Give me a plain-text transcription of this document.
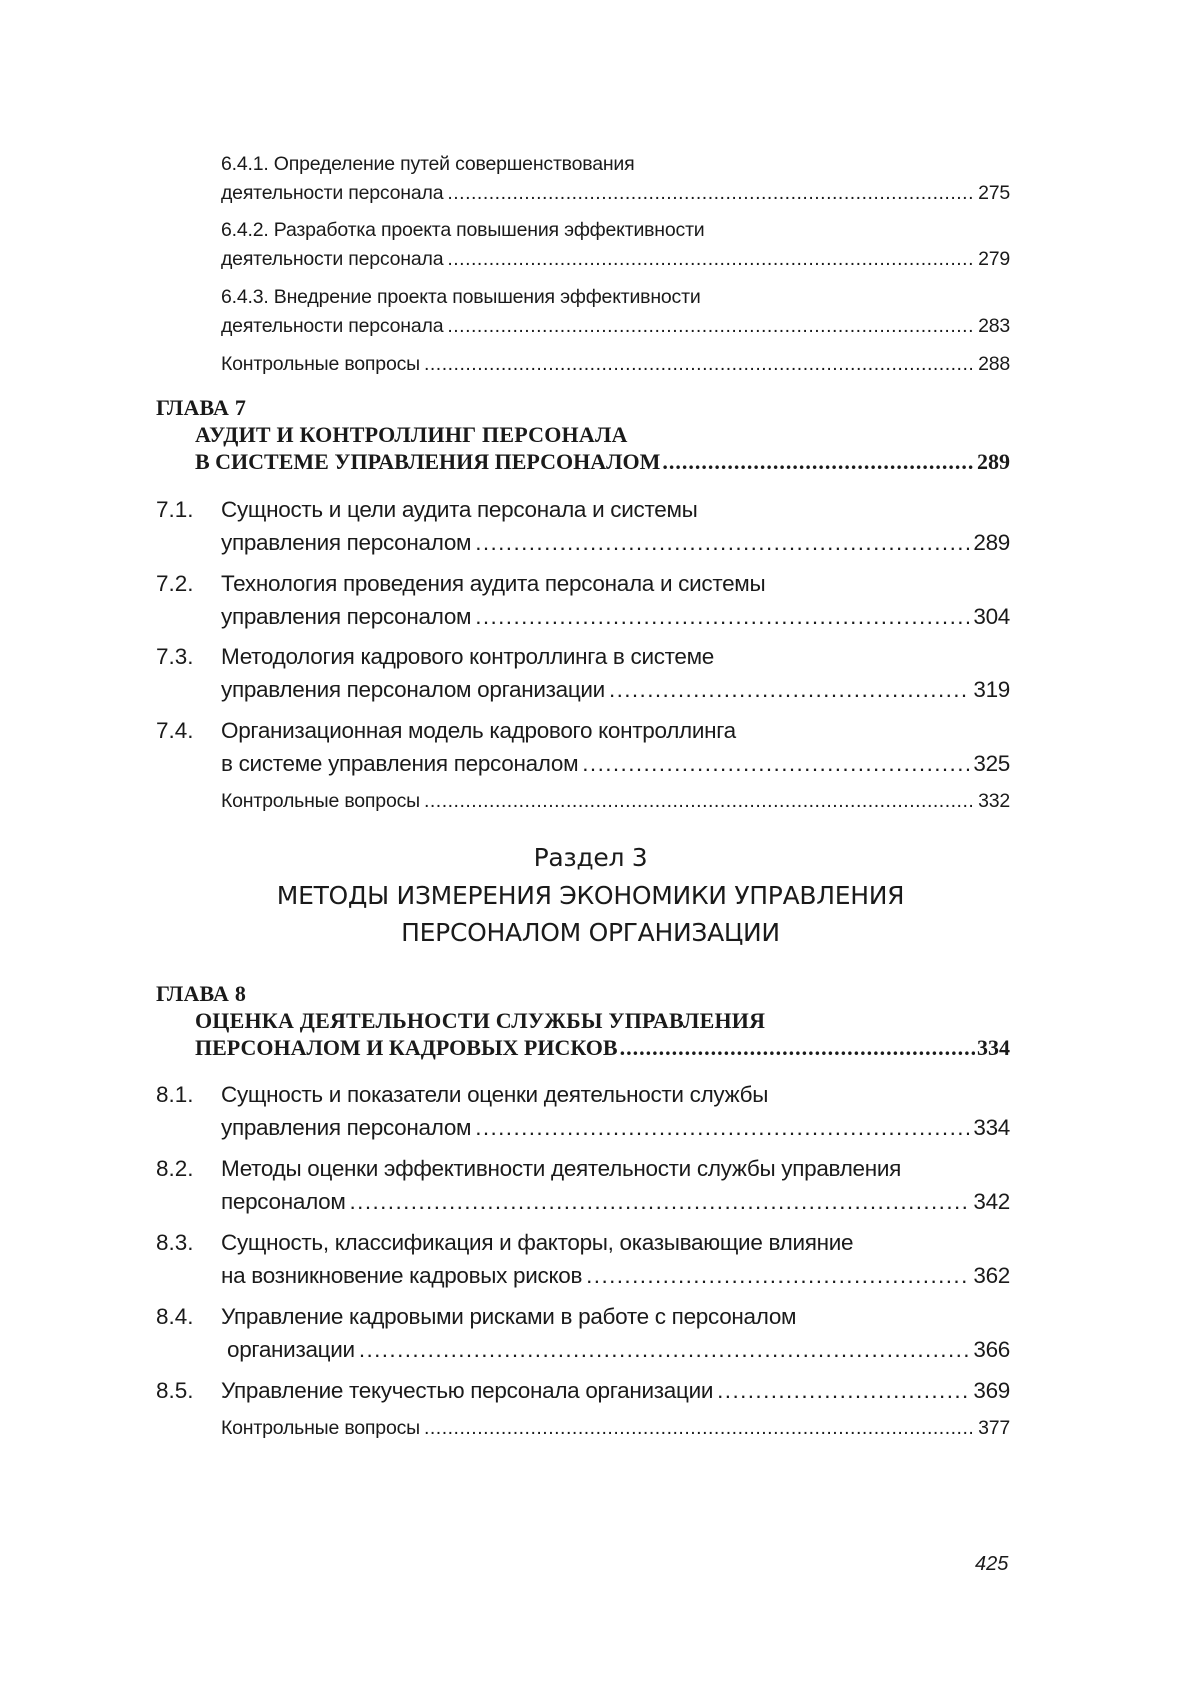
6.4.1. Определение путей совершенствования
деятельности персонала .....	275
6.4.2. Разработка проекта повышения эффективности
деятельности персонала .....	279
6.4.3. Внедрение проекта повышения эффективности
деятельности персонала .....	283
Контрольные вопросы .....	288
ГЛАВА 7
АУДИТ И КОНТРОЛЛИНГ ПЕРСОНАЛА
В СИСТЕМЕ УПРАВЛЕНИЯ ПЕРСОНАЛОМ .....	289
7.1. Сущность и цели аудита персонала и системы
управления персоналом .....	289
7.2. Технология проведения аудита персонала и системы
управления персоналом .....	304
7.3. Методология кадрового контроллинга в системе
управления персоналом организации .....	319
7.4. Организационная модель кадрового контроллинга
в системе управления персоналом .....	325
Контрольные вопросы .....	332
Раздел 3
МЕТОДЫ ИЗМЕРЕНИЯ ЭКОНОМИКИ УПРАВЛЕНИЯ
ПЕРСОНАЛОМ ОРГАНИЗАЦИИ
ГЛАВА 8
ОЦЕНКА ДЕЯТЕЛЬНОСТИ СЛУЖБЫ УПРАВЛЕНИЯ
ПЕРСОНАЛОМ И КАДРОВЫХ РИСКОВ .....	334
8.1. Сущность и показатели оценки деятельности службы
управления персоналом .....	334
8.2. Методы оценки эффективности деятельности службы управления
персоналом .....	342
8.3. Сущность, классификация и факторы, оказывающие влияние
на возникновение кадровых рисков .....	362
8.4. Управление кадровыми рисками в работе с персоналом
организации .....	366
8.5. Управление текучестью персонала организации .....	369
Контрольные вопросы .....	377
425
